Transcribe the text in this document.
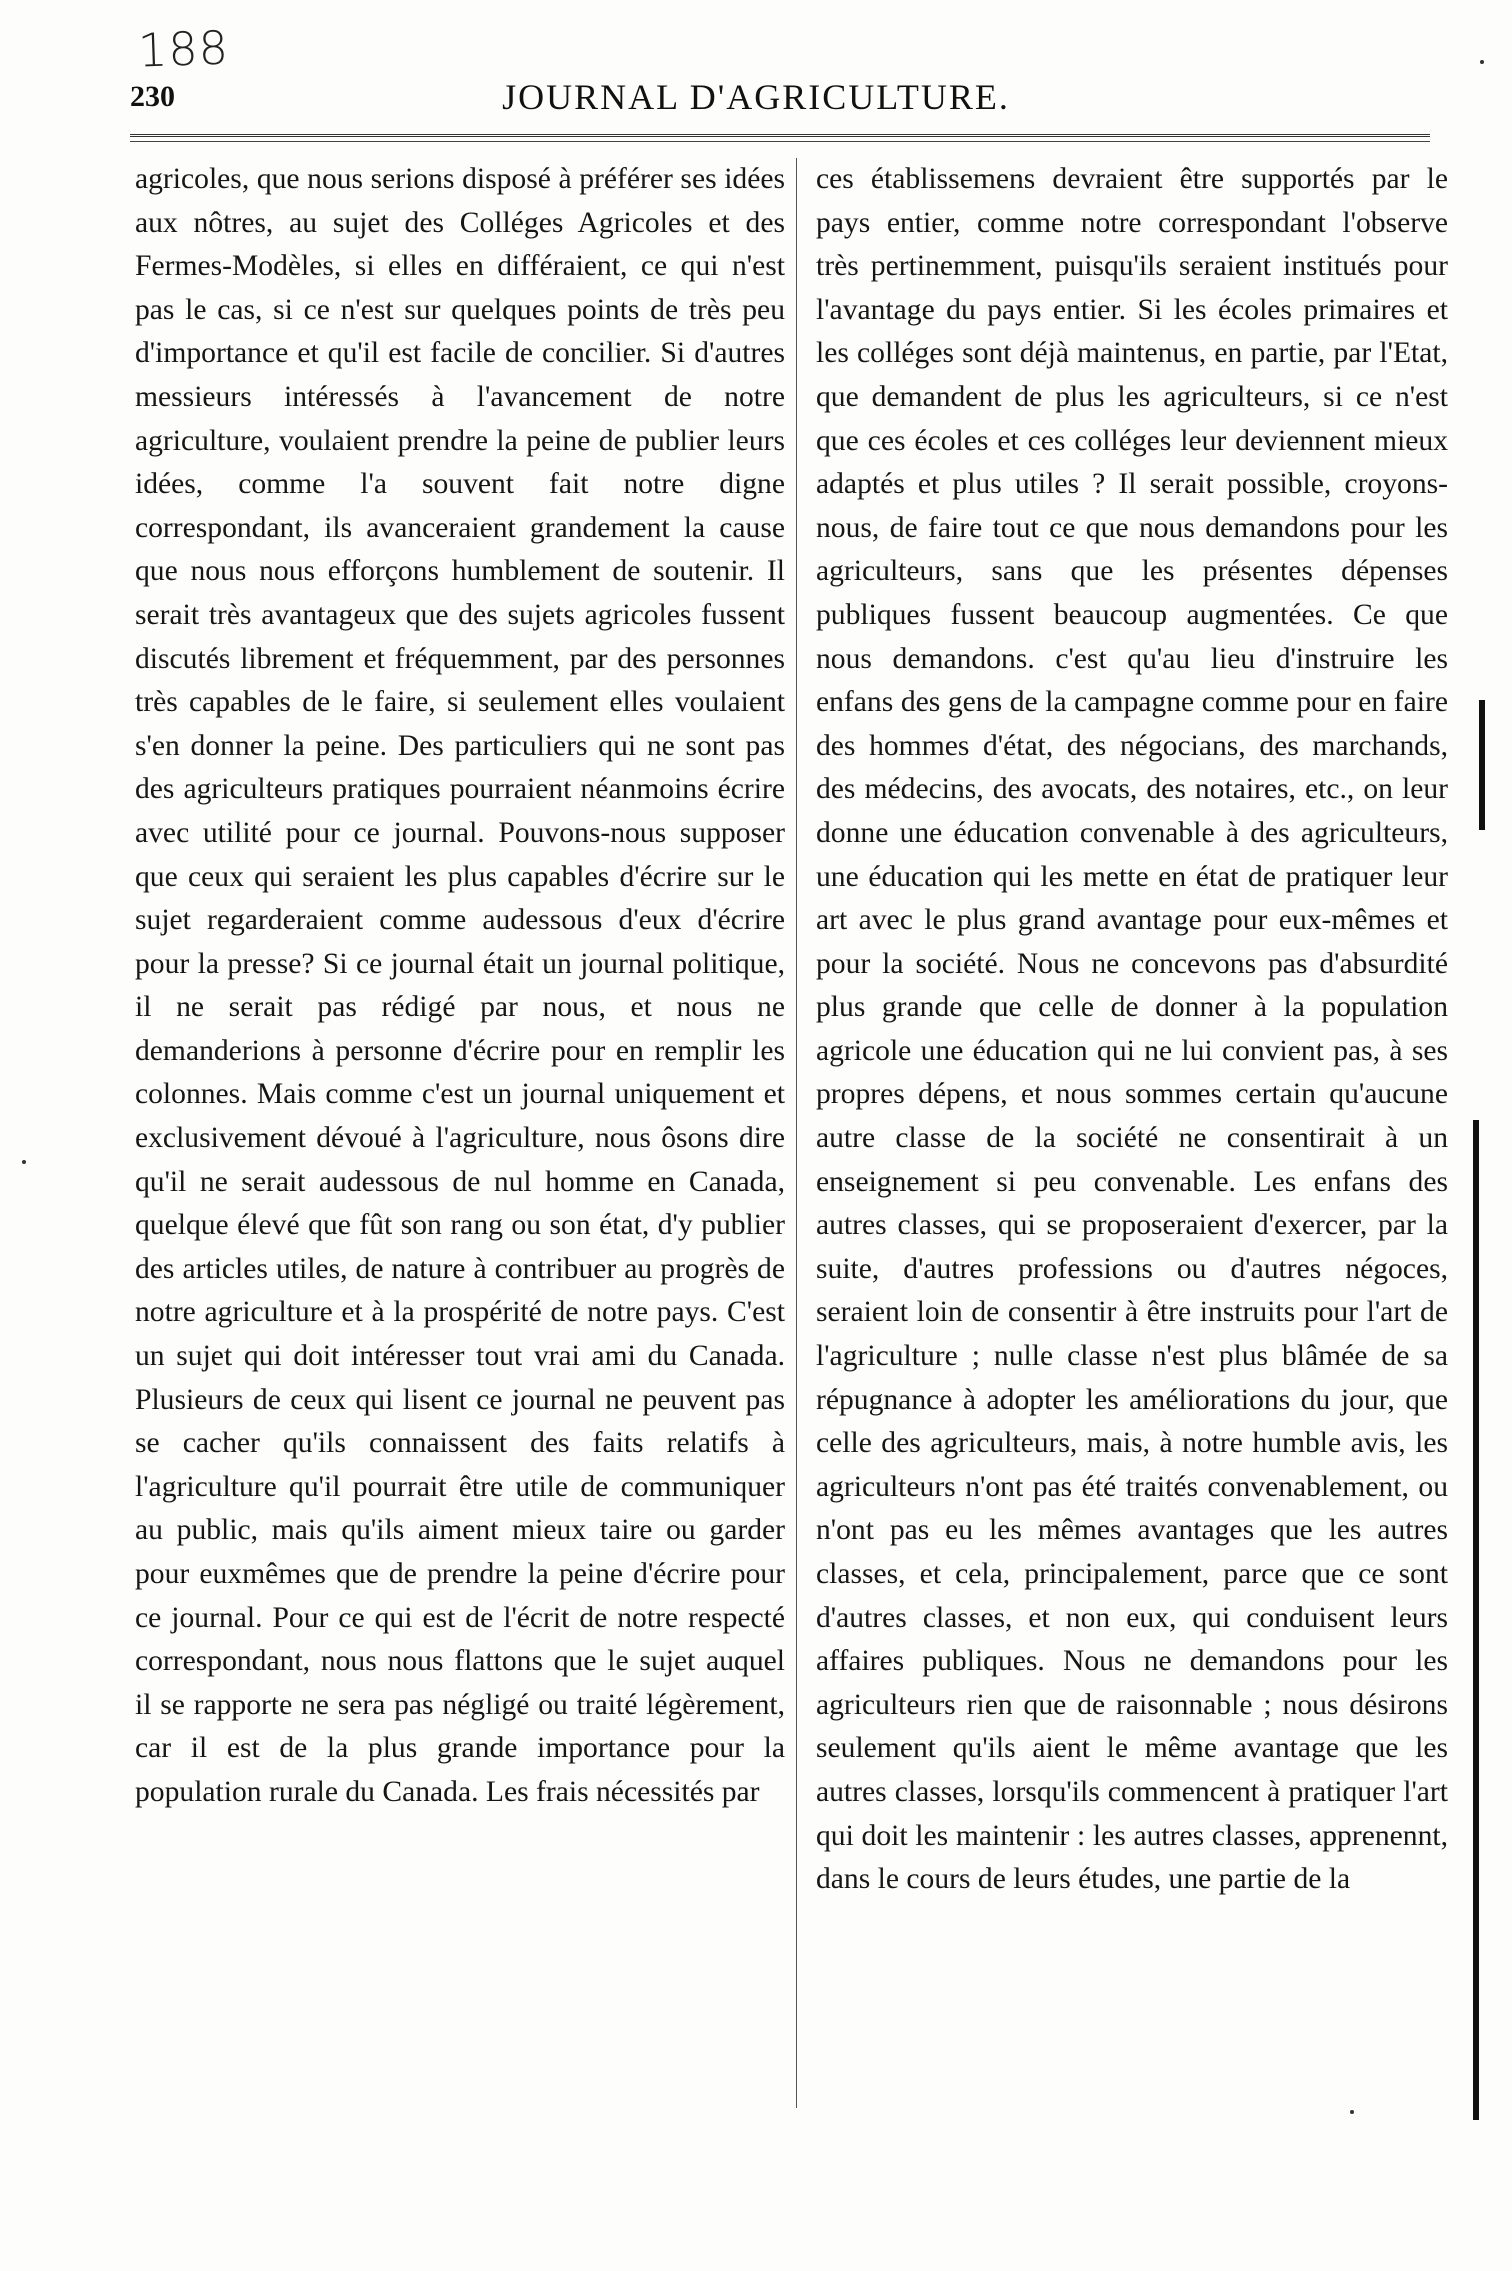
188
230	JOURNAL D'AGRICULTURE.

agricoles, que nous serions disposé à préférer ses idées aux nôtres, au sujet des Colléges Agricoles et des Fermes-Modèles, si elles en différaient, ce qui n'est pas le cas, si ce n'est sur quelques points de très peu d'importance et qu'il est facile de concilier. Si d'autres messieurs intéressés à l'avancement de notre agriculture, voulaient prendre la peine de publier leurs idées, comme l'a souvent fait notre digne correspondant, ils avanceraient grandement la cause que nous nous efforçons humblement de soutenir. Il serait très avantageux que des sujets agricoles fussent discutés librement et fréquemment, par des personnes très capables de le faire, si seulement elles voulaient s'en donner la peine. Des particuliers qui ne sont pas des agriculteurs pratiques pourraient néanmoins écrire avec utilité pour ce journal. Pouvons-nous supposer que ceux qui seraient les plus capables d'écrire sur le sujet regarderaient comme audessous d'eux d'écrire pour la presse? Si ce journal était un journal politique, il ne serait pas rédigé par nous, et nous ne demanderions à personne d'écrire pour en remplir les colonnes. Mais comme c'est un journal uniquement et exclusivement dévoué à l'agriculture, nous ôsons dire qu'il ne serait audessous de nul homme en Canada, quelque élevé que fût son rang ou son état, d'y publier des articles utiles, de nature à contribuer au progrès de notre agriculture et à la prospérité de notre pays. C'est un sujet qui doit intéresser tout vrai ami du Canada. Plusieurs de ceux qui lisent ce journal ne peuvent pas se cacher qu'ils connaissent des faits relatifs à l'agriculture qu'il pourrait être utile de communiquer au public, mais qu'ils aiment mieux taire ou garder pour euxmêmes que de prendre la peine d'écrire pour ce journal. Pour ce qui est de l'écrit de notre respecté correspondant, nous nous flattons que le sujet auquel il se rapporte ne sera pas négligé ou traité légèrement, car il est de la plus grande importance pour la population rurale du Canada. Les frais nécessités par

ces établissemens devraient être supportés par le pays entier, comme notre correspondant l'observe très pertinemment, puisqu'ils seraient institués pour l'avantage du pays entier. Si les écoles primaires et les colléges sont déjà maintenus, en partie, par l'Etat, que demandent de plus les agriculteurs, si ce n'est que ces écoles et ces colléges leur deviennent mieux adaptés et plus utiles ? Il serait possible, croyons-nous, de faire tout ce que nous demandons pour les agriculteurs, sans que les présentes dépenses publiques fussent beaucoup augmentées. Ce que nous demandons. c'est qu'au lieu d'instruire les enfans des gens de la campagne comme pour en faire des hommes d'état, des négocians, des marchands, des médecins, des avocats, des notaires, etc., on leur donne une éducation convenable à des agriculteurs, une éducation qui les mette en état de pratiquer leur art avec le plus grand avantage pour eux-mêmes et pour la société. Nous ne concevons pas d'absurdité plus grande que celle de donner à la population agricole une éducation qui ne lui convient pas, à ses propres dépens, et nous sommes certain qu'aucune autre classe de la société ne consentirait à un enseignement si peu convenable. Les enfans des autres classes, qui se proposeraient d'exercer, par la suite, d'autres professions ou d'autres négoces, seraient loin de consentir à être instruits pour l'art de l'agriculture ; nulle classe n'est plus blâmée de sa répugnance à adopter les améliorations du jour, que celle des agriculteurs, mais, à notre humble avis, les agriculteurs n'ont pas été traités convenablement, ou n'ont pas eu les mêmes avantages que les autres classes, et cela, principalement, parce que ce sont d'autres classes, et non eux, qui conduisent leurs affaires publiques. Nous ne demandons pour les agriculteurs rien que de raisonnable ; nous désirons seulement qu'ils aient le même avantage que les autres classes, lorsqu'ils commencent à pratiquer l'art qui doit les maintenir : les autres classes, apprenennt, dans le cours de leurs études, une partie de la
